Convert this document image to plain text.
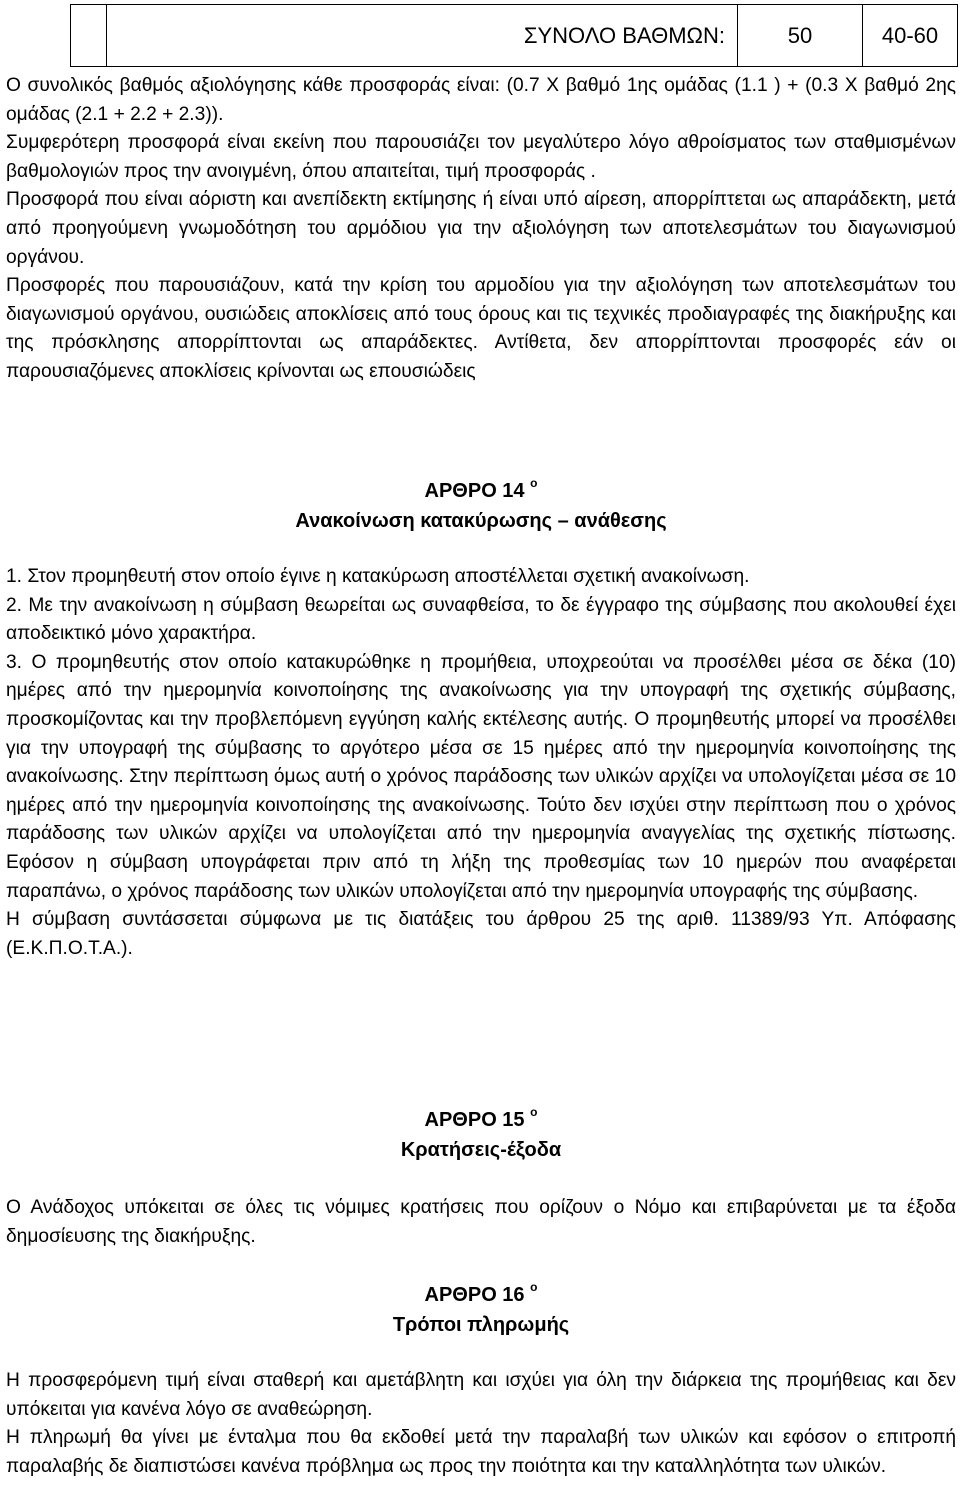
	ΣΥΝΟΛΟ ΒΑΘΜΩΝ:	50	40-60

Ο συνολικός βαθμός αξιολόγησης κάθε προσφοράς είναι: (0.7 Χ βαθμό 1ης ομάδας (1.1 ) + (0.3 Χ βαθμό 2ης ομάδας (2.1 + 2.2 + 2.3)).

Συμφερότερη προσφορά είναι εκείνη που παρουσιάζει τον μεγαλύτερο λόγο αθροίσματος των σταθμισμένων βαθμολογιών προς την ανοιγμένη, όπου απαιτείται, τιμή προσφοράς .

Προσφορά που είναι αόριστη και ανεπίδεκτη εκτίμησης ή είναι υπό αίρεση, απορρίπτεται ως απαράδεκτη, μετά από προηγούμενη γνωμοδότηση του αρμόδιου για την αξιολόγηση των αποτελεσμάτων του διαγωνισμού οργάνου.

Προσφορές που παρουσιάζουν, κατά την κρίση του αρμοδίου για την αξιολόγηση των αποτελεσμάτων του διαγωνισμού οργάνου, ουσιώδεις αποκλίσεις από τους όρους και τις τεχνικές προδιαγραφές της διακήρυξης και της πρόσκλησης απορρίπτονται ως απαράδεκτες. Αντίθετα, δεν απορρίπτονται προσφορές εάν οι παρουσιαζόμενες αποκλίσεις κρίνονται ως επουσιώδεις

ΑΡΘΡΟ 14 $^o$

Ανακοίνωση κατακύρωσης – ανάθεσης

1. Στον προμηθευτή στον οποίο έγινε η κατακύρωση αποστέλλεται σχετική ανακοίνωση.

2. Με την ανακοίνωση η σύμβαση θεωρείται ως συναφθείσα, το δε έγγραφο της σύμβασης που ακολουθεί έχει αποδεικτικό μόνο χαρακτήρα.

3. Ο προμηθευτής στον οποίο κατακυρώθηκε η προμήθεια, υποχρεούται να προσέλθει μέσα σε δέκα (10) ημέρες από την ημερομηνία κοινοποίησης της ανακοίνωσης για την υπογραφή της σχετικής σύμβασης, προσκομίζοντας και την προβλεπόμενη εγγύηση καλής εκτέλεσης αυτής. Ο προμηθευτής μπορεί να προσέλθει για την υπογραφή της σύμβασης το αργότερο μέσα σε 15 ημέρες από την ημερομηνία κοινοποίησης της ανακοίνωσης. Στην περίπτωση όμως αυτή ο χρόνος παράδοσης των υλικών αρχίζει να υπολογίζεται μέσα σε 10 ημέρες από την ημερομηνία κοινοποίησης της ανακοίνωσης. Τούτο δεν ισχύει στην περίπτωση που ο χρόνος παράδοσης των υλικών αρχίζει να υπολογίζεται από την ημερομηνία αναγγελίας της σχετικής πίστωσης. Εφόσον η σύμβαση υπογράφεται πριν από τη λήξη της προθεσμίας των 10 ημερών που αναφέρεται παραπάνω, ο χρόνος παράδοσης των υλικών υπολογίζεται από την ημερομηνία υπογραφής της σύμβασης.

Η σύμβαση συντάσσεται σύμφωνα με τις διατάξεις του άρθρου 25 της αριθ. 11389/93 Υπ. Απόφασης (Ε.Κ.Π.Ο.Τ.Α.).

ΑΡΘΡΟ 15 $^o$

Κρατήσεις-έξοδα

Ο Ανάδοχος υπόκειται σε όλες τις νόμιμες κρατήσεις που ορίζουν ο Νόμο και επιβαρύνεται με τα έξοδα δημοσίευσης της διακήρυξης.

ΑΡΘΡΟ 16 $^o$

Τρόποι πληρωμής

Η προσφερόμενη τιμή είναι σταθερή και αμετάβλητη και ισχύει για όλη την διάρκεια της προμήθειας και δεν υπόκειται για κανένα λόγο σε αναθεώρηση.

Η πληρωμή θα γίνει με ένταλμα που θα εκδοθεί μετά την παραλαβή των υλικών και εφόσον ο επιτροπή παραλαβής δε διαπιστώσει κανένα πρόβλημα ως προς την ποιότητα και την καταλληλότητα των υλικών.
